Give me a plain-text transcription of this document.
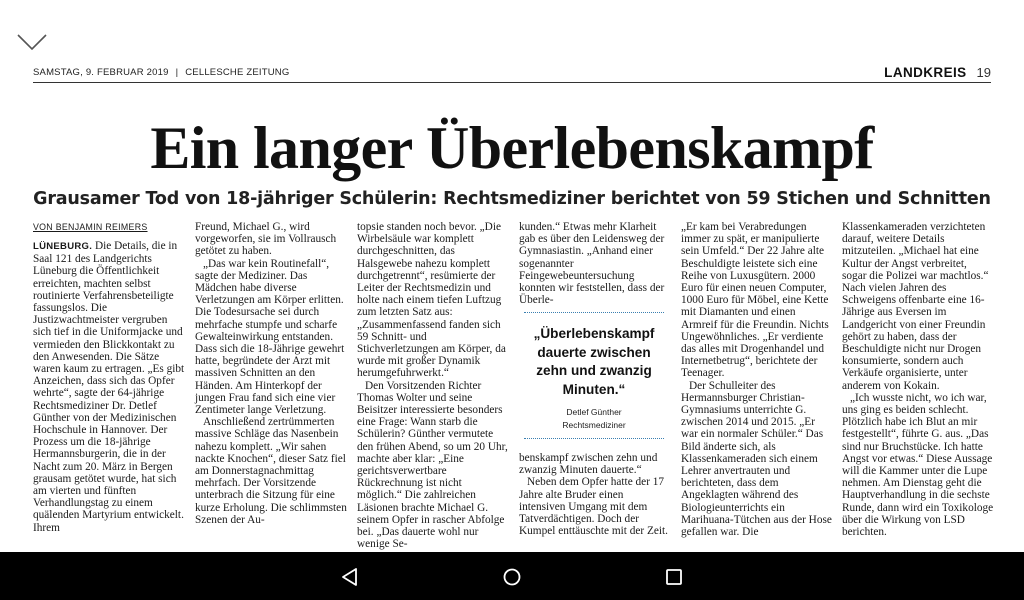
SAMSTAG, 9. FEBRUAR 2019 | CELLESCHE ZEITUNG	LANDKREIS 19
Ein langer Überlebenskampf
Grausamer Tod von 18-jähriger Schülerin: Rechtsmediziner berichtet von 59 Stichen und Schnitten
VON BENJAMIN REIMERS

LÜNEBURG. Die Details, die in Saal 121 des Landgerichts Lüneburg die Öffentlichkeit erreichten, machten selbst routinierte Verfahrensbeteiligte fassungslos. Die Justizwachtmeister vergruben sich tief in die Uniformjacke und vermieden den Blickkontakt zu den Anwesenden. Die Sätze waren kaum zu ertragen. „Es gibt Anzeichen, dass sich das Opfer wehrte“, sagte der 64-jährige Rechtsmediziner Dr. Detlef Günther von der Medizinischen Hochschule in Hannover. Der Prozess um die 18-jährige Hermannsburgerin, die in der Nacht zum 20. März in Bergen grausam getötet wurde, hat sich am vierten und fünften Verhandlungstag zu einem quälenden Martyrium entwickelt. Ihrem

Freund, Michael G., wird vorgeworfen, sie im Vollrausch getötet zu haben.

„Das war kein Routinefall“, sagte der Mediziner. Das Mädchen habe diverse Verletzungen am Körper erlitten. Die Todesursache sei durch mehrfache stumpfe und scharfe Gewalteinwirkung entstanden. Dass sich die 18-Jährige gewehrt hatte, begründete der Arzt mit massiven Schnitten an den Händen. Am Hinterkopf der jungen Frau fand sich eine vier Zentimeter lange Verletzung.

Anschließend zertrümmerten massive Schläge das Nasenbein nahezu komplett. „Wir sahen nackte Knochen“, dieser Satz fiel am Donnerstagnachmittag mehrfach. Der Vorsitzende unterbrach die Sitzung für eine kurze Erholung. Die schlimmsten Szenen der Au-

topsie standen noch bevor. „Die Wirbelsäule war komplett durchgeschnitten, das Halsgewebe nahezu komplett durchgetrennt“, resümierte der Leiter der Rechtsmedizin und holte nach einem tiefen Luftzug zum letzten Satz aus: „Zusammenfassend fanden sich 59 Schnitt- und Stichverletzungen am Körper, da wurde mit großer Dynamik herumgefuhrwerkt.“

Den Vorsitzenden Richter Thomas Wolter und seine Beisitzer interessierte besonders eine Frage: Wann starb die Schülerin? Günther vermutete den frühen Abend, so um 20 Uhr, machte aber klar: „Eine gerichtsverwertbare Rückrechnung ist nicht möglich.“ Die zahlreichen Läsionen brachte Michael G. seinem Opfer in rascher Abfolge bei. „Das dauerte wohl nur wenige Se-

kunden.“ Etwas mehr Klarheit gab es über den Leidensweg der Gymnasiastin. „Anhand einer sogenannter Feingewebeuntersuchung konnten wir feststellen, dass der Überle-

„Überlebenskampf dauerte zwischen zehn und zwanzig Minuten.“
Detlef Günther
Rechtsmediziner

benskampf zwischen zehn und zwanzig Minuten dauerte.“

Neben dem Opfer hatte der 17 Jahre alte Bruder einen intensiven Umgang mit dem Tatverdächtigen. Doch der Kumpel enttäuschte mit der Zeit.

„Er kam bei Verabredungen immer zu spät, er manipulierte sein Umfeld.“ Der 22 Jahre alte Beschuldigte leistete sich eine Reihe von Luxusgütern. 2000 Euro für einen neuen Computer, 1000 Euro für Möbel, eine Kette mit Diamanten und einen Armreif für die Freundin. Nichts Ungewöhnliches. „Er verdiente das alles mit Drogenhandel und Internetbetrug“, berichtete der Teenager.

Der Schulleiter des Hermannsburger Christian-Gymnasiums unterrichte G. zwischen 2014 und 2015. „Er war ein normaler Schüler.“ Das Bild änderte sich, als Klassenkameraden sich einem Lehrer anvertrauten und berichteten, dass dem Angeklagten während des Biologieunterrichts ein Marihuana-Tütchen aus der Hose gefallen war. Die

Klassenkameraden verzichteten darauf, weitere Details mitzuteilen. „Michael hat eine Kultur der Angst verbreitet, sogar die Polizei war machtlos.“ Nach vielen Jahren des Schweigens offenbarte eine 16-Jährige aus Eversen im Landgericht von einer Freundin gehört zu haben, dass der Beschuldigte nicht nur Drogen konsumierte, sondern auch Verkäufe organisierte, unter anderem von Kokain.

„Ich wusste nicht, wo ich war, uns ging es beiden schlecht. Plötzlich habe ich Blut an mir festgestellt“, führte G. aus. „Das sind nur Bruchstücke. Ich hatte Angst vor etwas.“ Diese Aussage will die Kammer unter die Lupe nehmen. Am Dienstag geht die Hauptverhandlung in die sechste Runde, dann wird ein Toxikologe über die Wirkung von LSD berichten.
